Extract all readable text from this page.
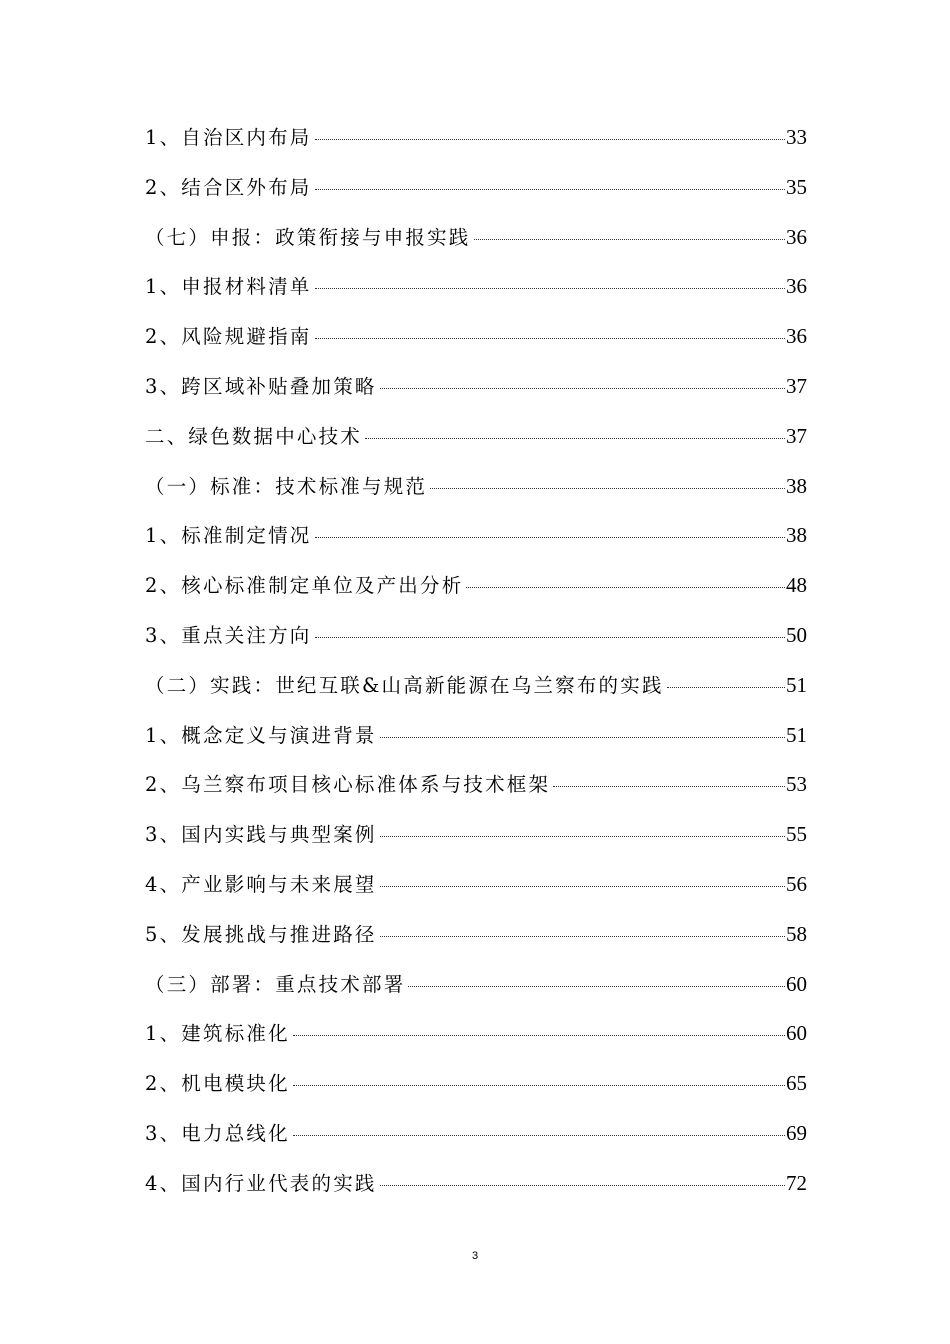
1、自治区内布局	33
2、结合区外布局	35
（七）申报：政策衔接与申报实践	36
1、申报材料清单	36
2、风险规避指南	36
3、跨区域补贴叠加策略	37
二、绿色数据中心技术	37
（一）标准：技术标准与规范	38
1、标准制定情况	38
2、核心标准制定单位及产出分析	48
3、重点关注方向	50
（二）实践：世纪互联&山高新能源在乌兰察布的实践	51
1、概念定义与演进背景	51
2、乌兰察布项目核心标准体系与技术框架	53
3、国内实践与典型案例	55
4、产业影响与未来展望	56
5、发展挑战与推进路径	58
（三）部署：重点技术部署	60
1、建筑标准化	60
2、机电模块化	65
3、电力总线化	69
4、国内行业代表的实践	72
3
